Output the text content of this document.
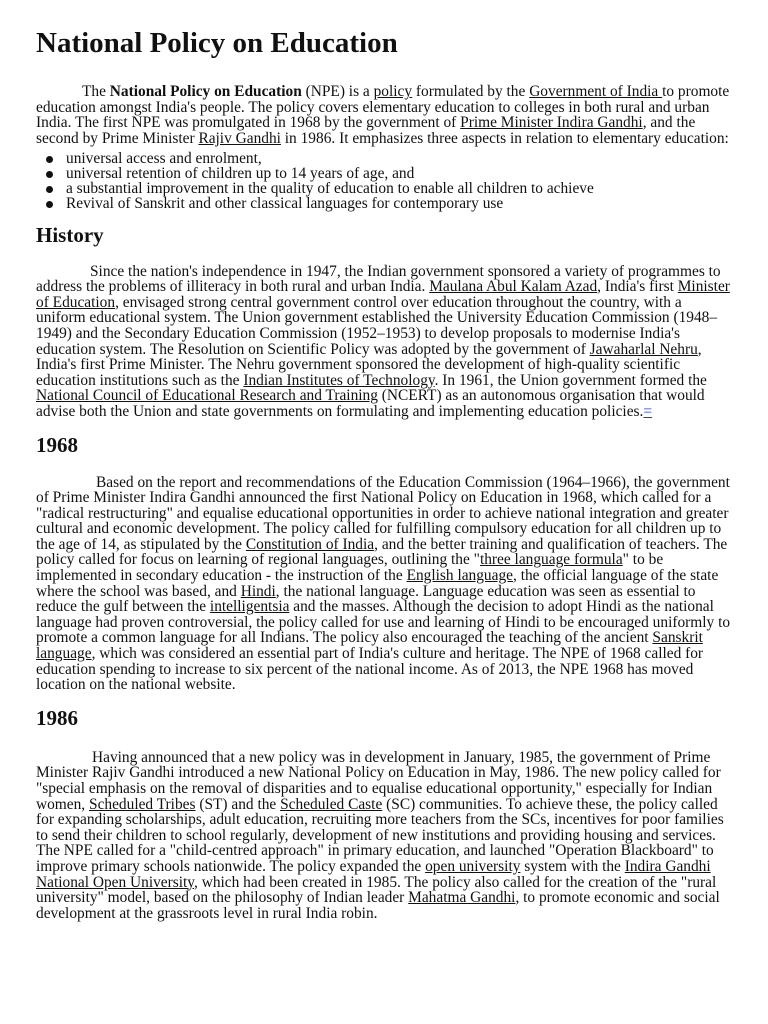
National Policy on Education

The National Policy on Education (NPE) is a policy formulated by the Government of India to promote education amongst India's people. The policy covers elementary education to colleges in both rural and urban India. The first NPE was promulgated in 1968 by the government of Prime Minister Indira Gandhi, and the second by Prime Minister Rajiv Gandhi in 1986. It emphasizes three aspects in relation to elementary education:

universal access and enrolment,
universal retention of children up to 14 years of age, and
a substantial improvement in the quality of education to enable all children to achieve
Revival of Sanskrit and other classical languages for contemporary use
History

Since the nation's independence in 1947, the Indian government sponsored a variety of programmes to address the problems of illiteracy in both rural and urban India. Maulana Abul Kalam Azad, India's first Minister of Education, envisaged strong central government control over education throughout the country, with a uniform educational system. The Union government established the University Education Commission (1948–1949) and the Secondary Education Commission (1952–1953) to develop proposals to modernise India's education system. The Resolution on Scientific Policy was adopted by the government of Jawaharlal Nehru, India's first Prime Minister. The Nehru government sponsored the development of high-quality scientific education institutions such as the Indian Institutes of Technology. In 1961, the Union government formed the National Council of Educational Research and Training (NCERT) as an autonomous organisation that would advise both the Union and state governments on formulating and implementing education policies.=

1968

Based on the report and recommendations of the Education Commission (1964–1966), the government of Prime Minister Indira Gandhi announced the first National Policy on Education in 1968, which called for a "radical restructuring" and equalise educational opportunities in order to achieve national integration and greater cultural and economic development. The policy called for fulfilling compulsory education for all children up to the age of 14, as stipulated by the Constitution of India, and the better training and qualification of teachers. The policy called for focus on learning of regional languages, outlining the "three language formula" to be implemented in secondary education - the instruction of the English language, the official language of the state where the school was based, and Hindi, the national language. Language education was seen as essential to reduce the gulf between the intelligentsia and the masses. Although the decision to adopt Hindi as the national language had proven controversial, the policy called for use and learning of Hindi to be encouraged uniformly to promote a common language for all Indians. The policy also encouraged the teaching of the ancient Sanskrit language, which was considered an essential part of India's culture and heritage. The NPE of 1968 called for education spending to increase to six percent of the national income. As of 2013, the NPE 1968 has moved location on the national website.

1986

Having announced that a new policy was in development in January, 1985, the government of Prime Minister Rajiv Gandhi introduced a new National Policy on Education in May, 1986. The new policy called for "special emphasis on the removal of disparities and to equalise educational opportunity," especially for Indian women, Scheduled Tribes (ST) and the Scheduled Caste (SC) communities. To achieve these, the policy called for expanding scholarships, adult education, recruiting more teachers from the SCs, incentives for poor families to send their children to school regularly, development of new institutions and providing housing and services. The NPE called for a "child-centred approach" in primary education, and launched "Operation Blackboard" to improve primary schools nationwide. The policy expanded the open university system with the Indira Gandhi National Open University, which had been created in 1985. The policy also called for the creation of the "rural university" model, based on the philosophy of Indian leader Mahatma Gandhi, to promote economic and social development at the grassroots level in rural India robin.
